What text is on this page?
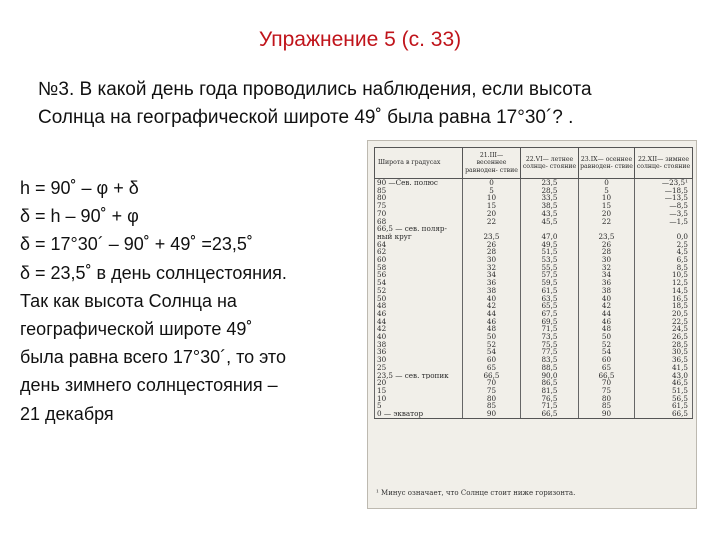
Упражнение 5 (с. 33)
№3. В какой день года проводились наблюдения, если высота
Солнца на географической широте 49˚ была равна 17°30´? .
h = 90˚ – φ + δ
δ = h – 90˚ + φ
δ = 17°30´ – 90˚ + 49˚ =23,5˚
δ = 23,5˚ в день солнцестояния.
Так как высота Солнца на
географической широте 49˚
была равна всего 17°30´, то это
день зимнего солнцестояния –
21 декабря
Широта в градусах	21.III— весеннее равноден- ствие	22.VI— летнее солнце- стояние	23.IX— осеннее равноден- ствие	22.XII— зимнее солнце- стояние
90 —Сев. полюс	0	23,5	0	—23,5¹
85	5	28,5	5	—18,5
80	10	33,5	10	—13,5
75	15	38,5	15	—8,5
70	20	43,5	20	—3,5
68	22	45,5	22	—1,5
66,5 — сев. поляр-				
ный круг	23,5	47,0	23,5	0,0
64	26	49,5	26	2,5
62	28	51,5	28	4,5
60	30	53,5	30	6,5
58	32	55,5	32	8,5
56	34	57,5	34	10,5
54	36	59,5	36	12,5
52	38	61,5	38	14,5
50	40	63,5	40	16,5
48	42	65,5	42	18,5
46	44	67,5	44	20,5
44	46	69,5	46	22,5
42	48	71,5	48	24,5
40	50	73,5	50	26,5
38	52	75,5	52	28,5
36	54	77,5	54	30,5
30	60	83,5	60	36,5
25	65	88,5	65	41,5
23,5 — сев. тропик	66,5	90,0	66,5	43,0
20	70	86,5	70	46,5
15	75	81,5	75	51,5
10	80	76,5	80	56,5
5	85	71,5	85	61,5
0 — экватор	90	66,5	90	66,5
¹ Минус означает, что Солнце стоит ниже горизонта.
